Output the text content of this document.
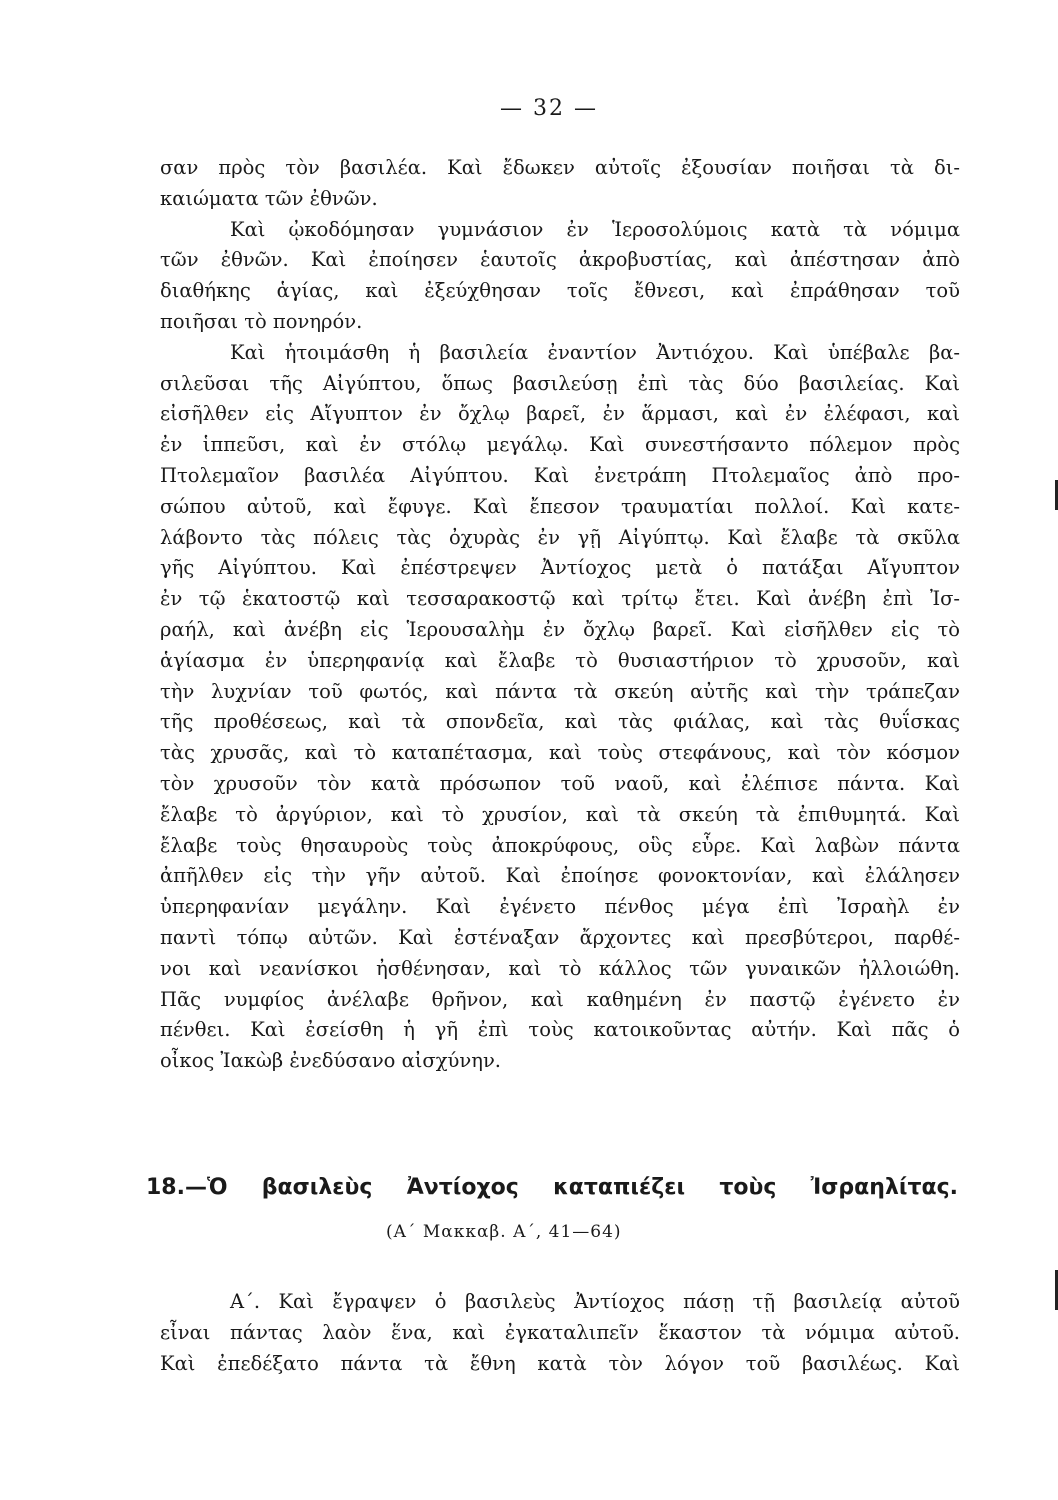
— 32 —
σαν πρὸς τὸν βασιλέα. Καὶ ἔδωκεν αὐτοῖς ἐξουσίαν ποιῆσαι τὰ δι-
καιώματα τῶν ἐθνῶν.
Καὶ ᾠκοδόμησαν γυμνάσιον ἐν Ἱεροσολύμοις κατὰ τὰ νόμιμα
τῶν ἐθνῶν. Καὶ ἐποίησεν ἑαυτοῖς ἀκροβυστίας, καὶ ἀπέστησαν ἀπὸ
διαθήκης ἁγίας, καὶ ἐξεύχθησαν τοῖς ἔθνεσι, καὶ ἐπράθησαν τοῦ
ποιῆσαι τὸ πονηρόν.
Καὶ ἡτοιμάσθη ἡ βασιλεία ἐναντίον Ἀντιόχου. Καὶ ὑπέβαλε βα-
σιλεῦσαι τῆς Αἰγύπτου, ὅπως βασιλεύσῃ ἐπὶ τὰς δύο βασιλείας. Καὶ
εἰσῆλθεν εἰς Αἴγυπτον ἐν ὄχλῳ βαρεῖ, ἐν ἅρμασι, καὶ ἐν ἐλέφασι, καὶ
ἐν ἱππεῦσι, καὶ ἐν στόλῳ μεγάλῳ. Καὶ συνεστήσαντο πόλεμον πρὸς
Πτολεμαῖον βασιλέα Αἰγύπτου. Καὶ ἐνετράπη Πτολεμαῖος ἀπὸ προ-
σώπου αὐτοῦ, καὶ ἔφυγε. Καὶ ἔπεσον τραυματίαι πολλοί. Καὶ κατε-
λάβοντο τὰς πόλεις τὰς ὀχυρὰς ἐν γῇ Αἰγύπτῳ. Καὶ ἔλαβε τὰ σκῦλα
γῆς Αἰγύπτου. Καὶ ἐπέστρεψεν Ἀντίοχος μετὰ ὁ πατάξαι Αἴγυπτον
ἐν τῷ ἑκατοστῷ καὶ τεσσαρακοστῷ καὶ τρίτῳ ἔτει. Καὶ ἀνέβη ἐπὶ Ἰσ-
ραήλ, καὶ ἀνέβη εἰς Ἱερουσαλὴμ ἐν ὄχλῳ βαρεῖ. Καὶ εἰσῆλθεν εἰς τὸ
ἁγίασμα ἐν ὑπερηφανίᾳ καὶ ἔλαβε τὸ θυσιαστήριον τὸ χρυσοῦν, καὶ
τὴν λυχνίαν τοῦ φωτός, καὶ πάντα τὰ σκεύη αὐτῆς καὶ τὴν τράπεζαν
τῆς προθέσεως, καὶ τὰ σπονδεῖα, καὶ τὰς φιάλας, καὶ τὰς θυΐσκας
τὰς χρυσᾶς, καὶ τὸ καταπέτασμα, καὶ τοὺς στεφάνους, καὶ τὸν κόσμον
τὸν χρυσοῦν τὸν κατὰ πρόσωπον τοῦ ναοῦ, καὶ ἐλέπισε πάντα. Καὶ
ἔλαβε τὸ ἀργύριον, καὶ τὸ χρυσίον, καὶ τὰ σκεύη τὰ ἐπιθυμητά. Καὶ
ἔλαβε τοὺς θησαυροὺς τοὺς ἀποκρύφους, οὓς εὗρε. Καὶ λαβὼν πάντα
ἀπῆλθεν εἰς τὴν γῆν αὐτοῦ. Καὶ ἐποίησε φονοκτονίαν, καὶ ἐλάλησεν
ὑπερηφανίαν μεγάλην. Καὶ ἐγένετο πένθος μέγα ἐπὶ Ἰσραὴλ ἐν
παντὶ τόπῳ αὐτῶν. Καὶ ἐστέναξαν ἄρχοντες καὶ πρεσβύτεροι, παρθέ-
νοι καὶ νεανίσκοι ἠσθένησαν, καὶ τὸ κάλλος τῶν γυναικῶν ἠλλοιώθη.
Πᾶς νυμφίος ἀνέλαβε θρῆνον, καὶ καθημένη ἐν παστῷ ἐγένετο ἐν
πένθει. Καὶ ἐσείσθη ἡ γῆ ἐπὶ τοὺς κατοικοῦντας αὐτήν. Καὶ πᾶς ὁ
οἶκος Ἰακὼβ ἐνεδύσανο αἰσχύνην.
18.—Ὁ βασιλεὺς Ἀντίοχος καταπιέζει τοὺς Ἰσραηλίτας.
(Α΄ Μακκαβ. Α΄, 41—64)
Α΄. Καὶ ἔγραψεν ὁ βασιλεὺς Ἀντίοχος πάσῃ τῇ βασιλείᾳ αὐτοῦ
εἶναι πάντας λαὸν ἕνα, καὶ ἐγκαταλιπεῖν ἕκαστον τὰ νόμιμα αὐτοῦ.
Καὶ ἐπεδέξατο πάντα τὰ ἔθνη κατὰ τὸν λόγον τοῦ βασιλέως. Καὶ
